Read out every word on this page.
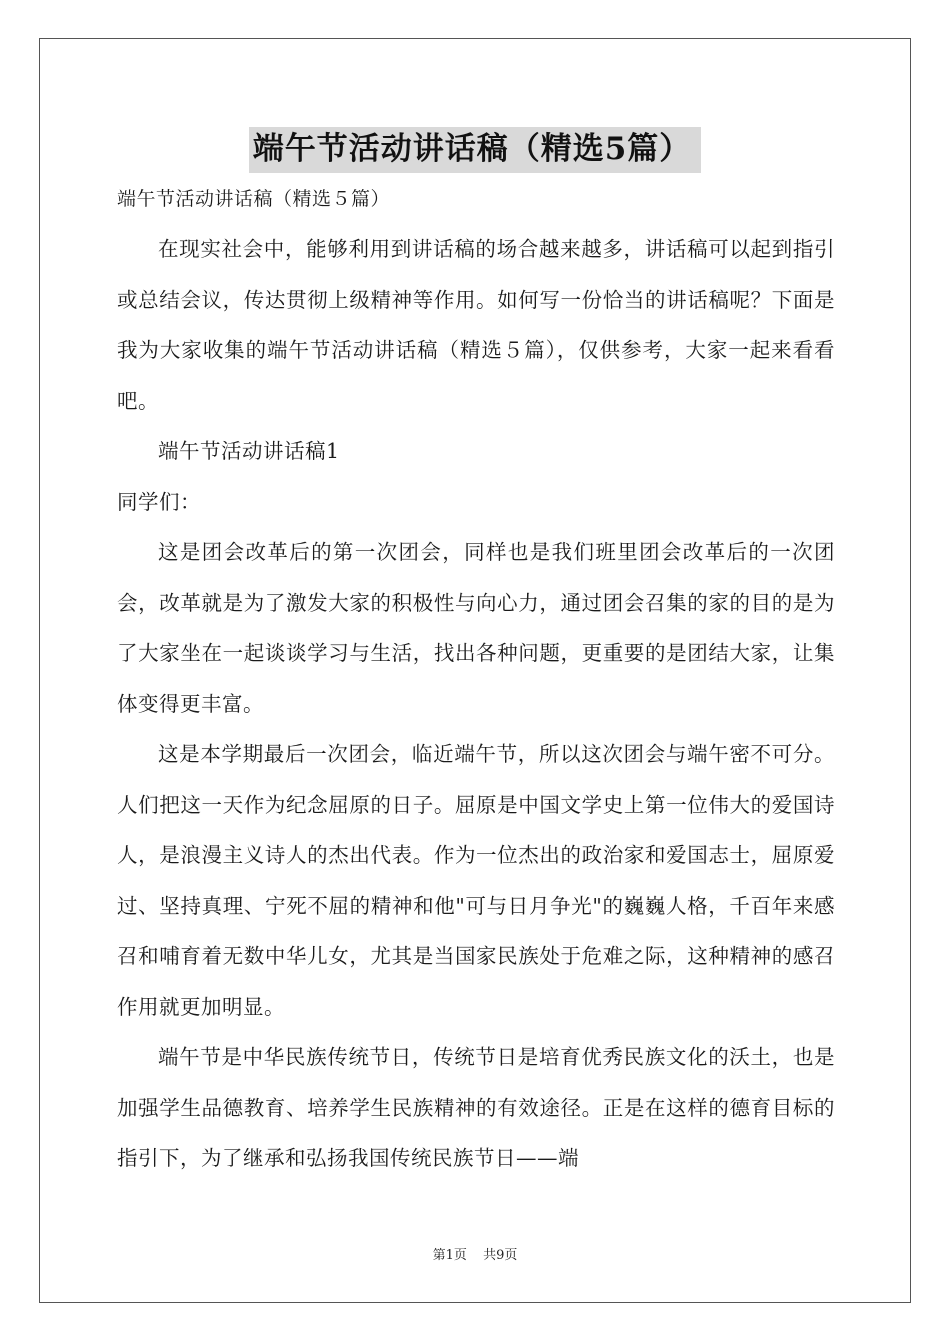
端午节活动讲话稿（精选5篇）

端午节活动讲话稿（精选５篇）

在现实社会中，能够利用到讲话稿的场合越来越多，讲话稿可以起到指引或总结会议，传达贯彻上级精神等作用。如何写一份恰当的讲话稿呢？下面是我为大家收集的端午节活动讲话稿（精选５篇），仅供参考，大家一起来看看吧。

端午节活动讲话稿1

同学们：

这是团会改革后的第一次团会，同样也是我们班里团会改革后的一次团会，改革就是为了激发大家的积极性与向心力，通过团会召集的家的目的是为了大家坐在一起谈谈学习与生活，找出各种问题，更重要的是团结大家，让集体变得更丰富。

这是本学期最后一次团会，临近端午节，所以这次团会与端午密不可分。人们把这一天作为纪念屈原的日子。屈原是中国文学史上第一位伟大的爱国诗人，是浪漫主义诗人的杰出代表。作为一位杰出的政治家和爱国志士，屈原爱过、坚持真理、宁死不屈的精神和他"可与日月争光"的巍巍人格，千百年来感召和哺育着无数中华儿女，尤其是当国家民族处于危难之际，这种精神的感召作用就更加明显。

端午节是中华民族传统节日，传统节日是培育优秀民族文化的沃土，也是加强学生品德教育、培养学生民族精神的有效途径。正是在这样的德育目标的指引下，为了继承和弘扬我国传统民族节日——端

第1页 共9页
